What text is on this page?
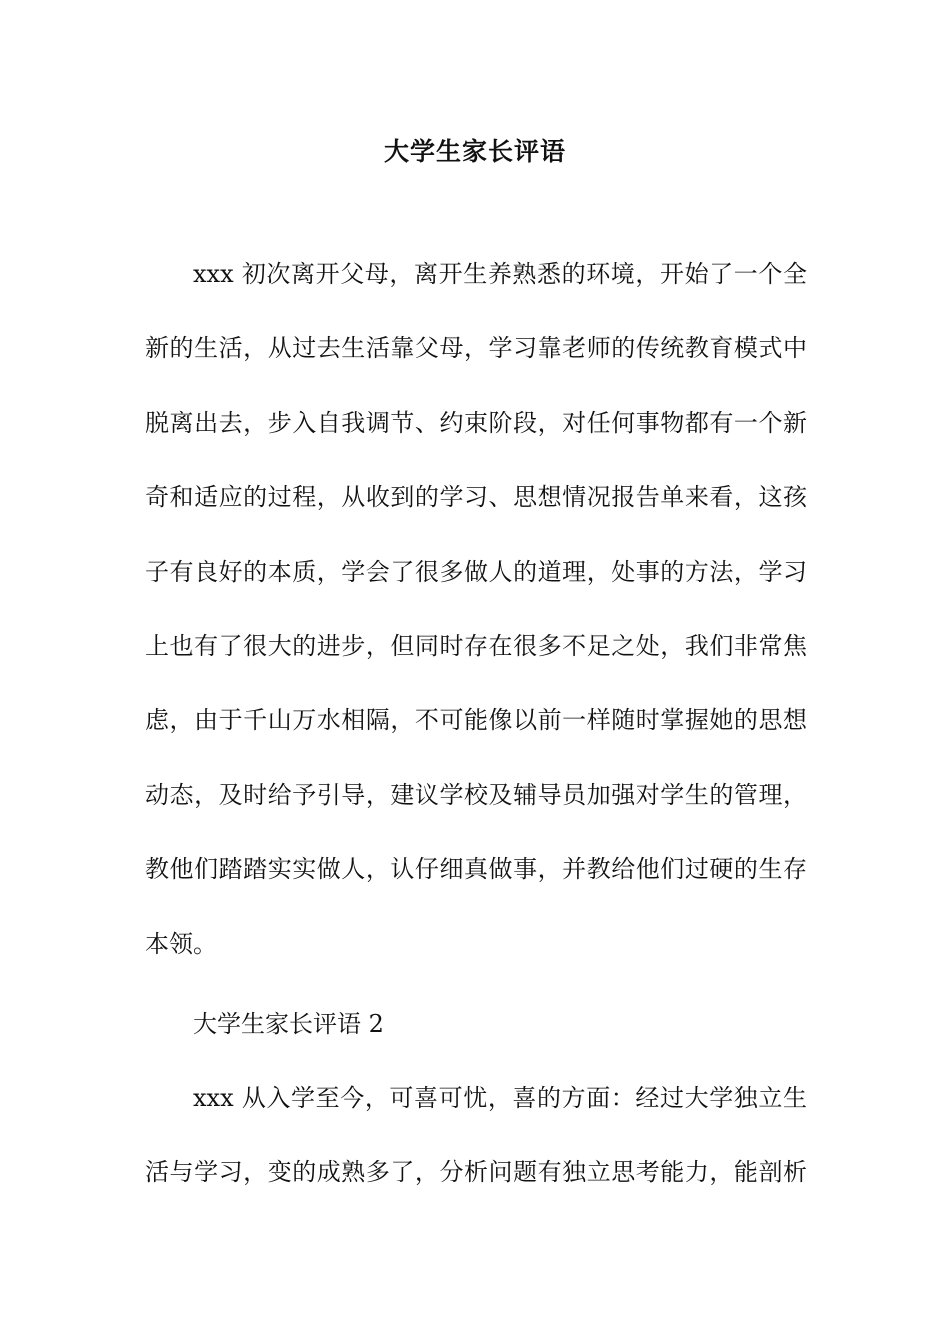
大学生家长评语
xxx 初次离开父母，离开生养熟悉的环境，开始了一个全
新的生活，从过去生活靠父母，学习靠老师的传统教育模式中
脱离出去，步入自我调节、约束阶段，对任何事物都有一个新
奇和适应的过程，从收到的学习、思想情况报告单来看，这孩
子有良好的本质，学会了很多做人的道理，处事的方法，学习
上也有了很大的进步，但同时存在很多不足之处，我们非常焦
虑，由于千山万水相隔，不可能像以前一样随时掌握她的思想
动态，及时给予引导，建议学校及辅导员加强对学生的管理，
教他们踏踏实实做人，认仔细真做事，并教给他们过硬的生存
本领。
大学生家长评语 2
xxx 从入学至今，可喜可忧，喜的方面：经过大学独立生
活与学习，变的成熟多了，分析问题有独立思考能力，能剖析
